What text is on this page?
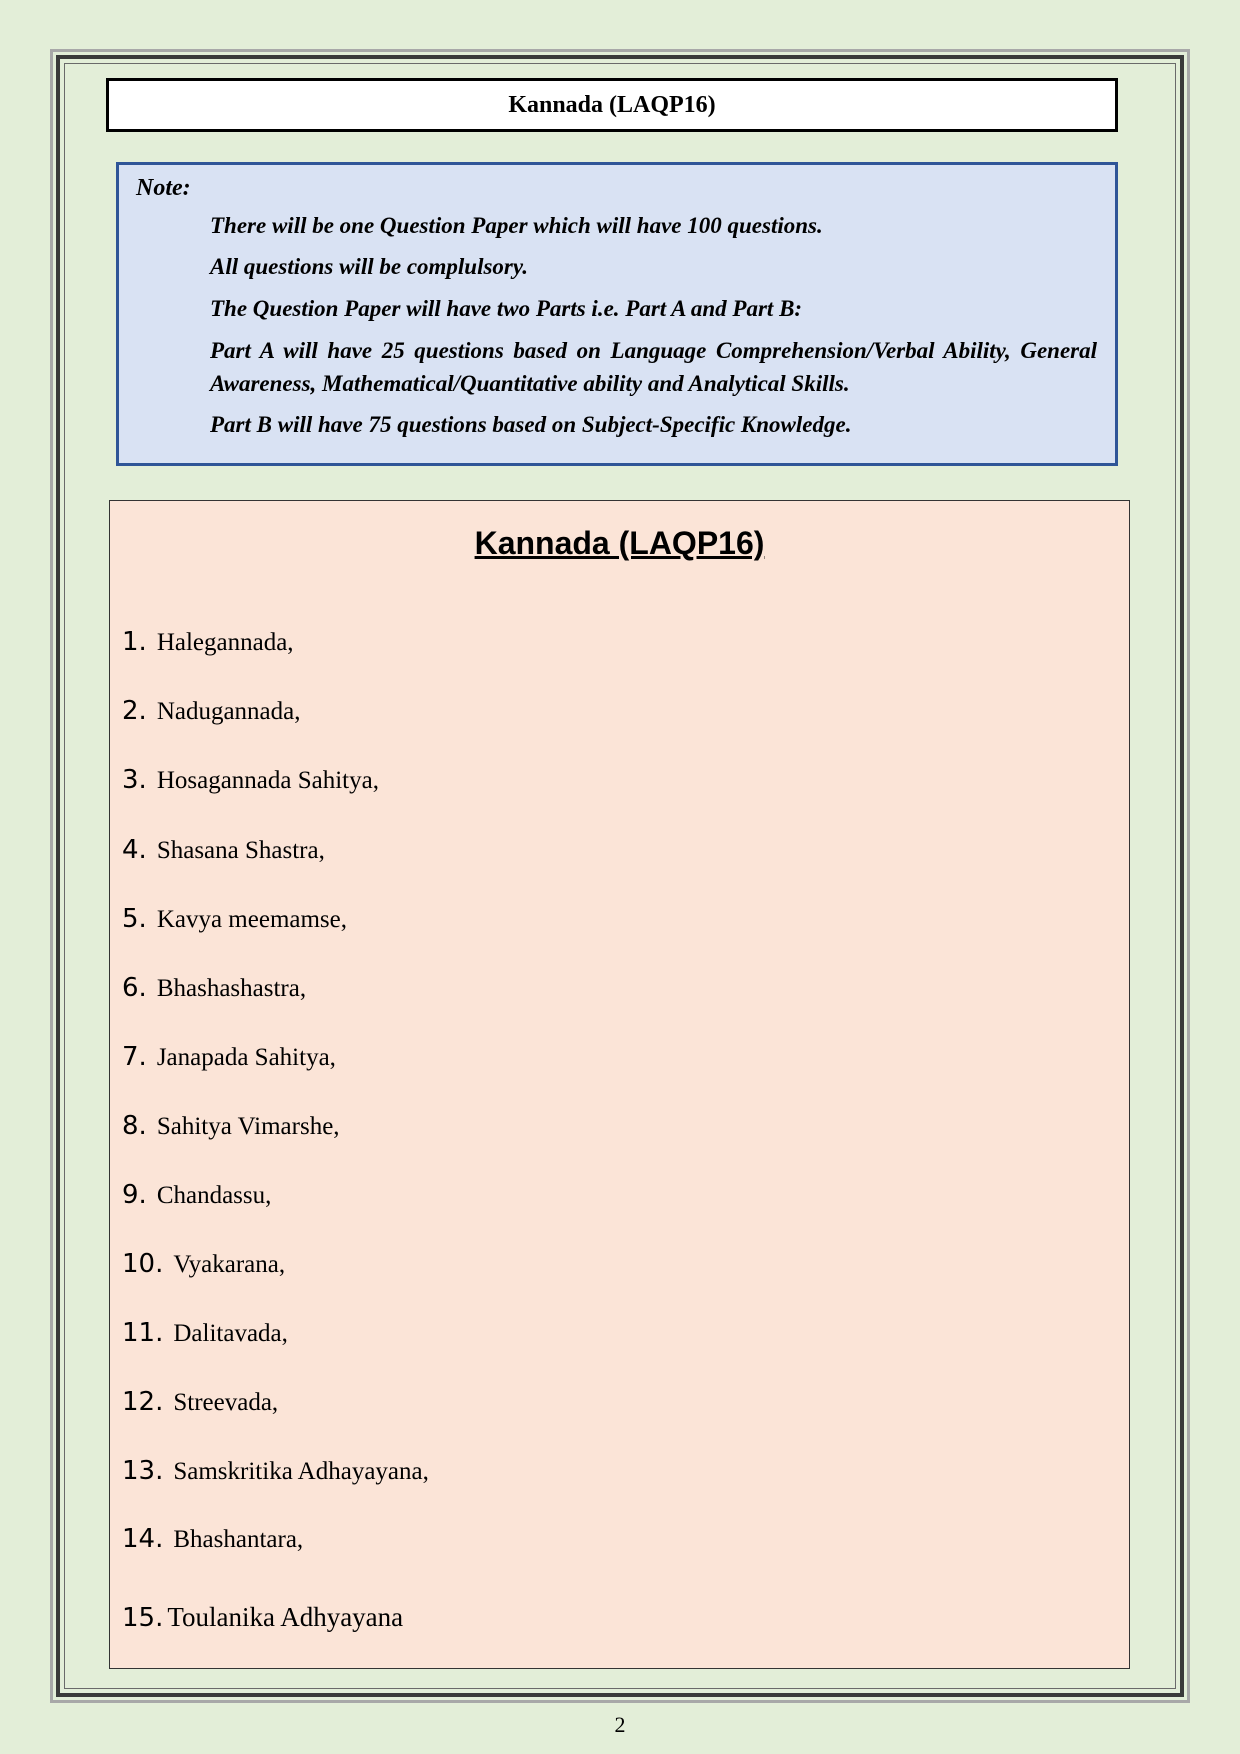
Kannada (LAQP16)
Note:
There will be one Question Paper which will have 100 questions.
All questions will be complulsory.
The Question Paper will have two Parts i.e. Part A and Part B:
Part A will have 25 questions based on Language Comprehension/Verbal Ability, General Awareness, Mathematical/Quantitative ability and Analytical Skills.
Part B will have 75 questions based on Subject-Specific Knowledge.
Kannada (LAQP16)
1. Halegannada,
2. Nadugannada,
3. Hosagannada Sahitya,
4. Shasana Shastra,
5. Kavya meemamse,
6. Bhashashastra,
7. Janapada Sahitya,
8. Sahitya Vimarshe,
9. Chandassu,
10. Vyakarana,
11. Dalitavada,
12. Streevada,
13. Samskritika Adhayayana,
14. Bhashantara,
15. Toulanika Adhyayana
2
